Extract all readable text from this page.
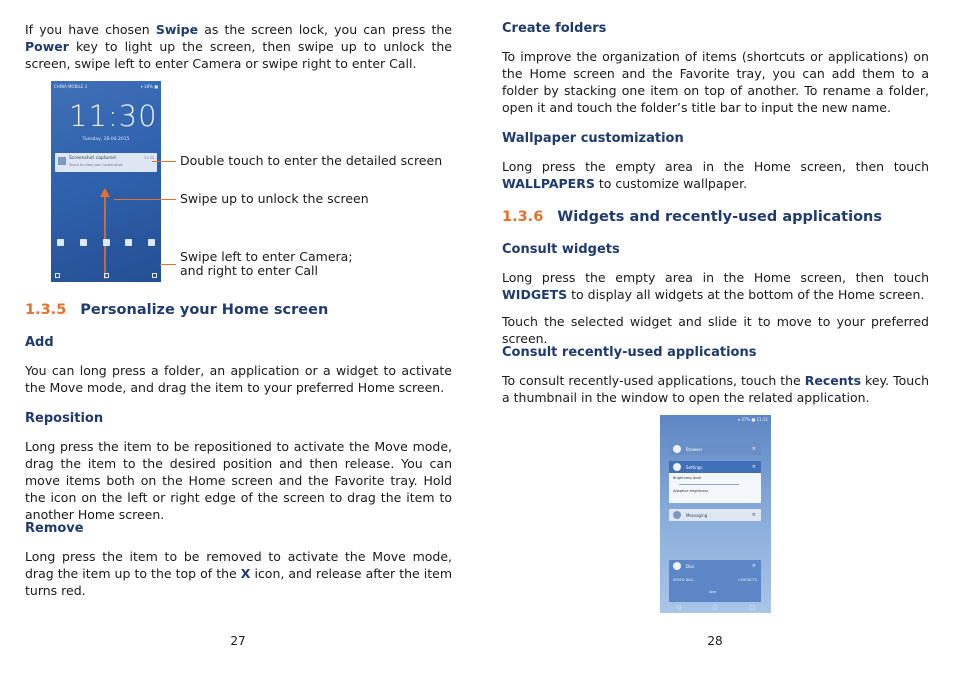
If you have chosen Swipe as the screen lock, you can press the Power key to light up the screen, then swipe up to unlock the screen, swipe left to enter Camera or swipe right to enter Call.

CHINA MOBILE 3	▾ 38% ■
11:30
Tuesday, 28.04.2015
Screenshot captured
Touch to view your screenshot.
11:30 Double touch to enter the detailed screen
Swipe up to unlock the screen
Swipe left to enter Camera;
and right to enter Call
1.3.5 Personalize your Home screen
Add

You can long press a folder, an application or a widget to activate the Move mode, and drag the item to your preferred Home screen.

Reposition

Long press the item to be repositioned to activate the Move mode, drag the item to the desired position and then release. You can move items both on the Home screen and the Favorite tray. Hold the icon on the left or right edge of the screen to drag the item to another Home screen.

Remove

Long press the item to be removed to activate the Move mode, drag the item up to the top of the X icon, and release after the item turns red.

27
Create folders

To improve the organization of items (shortcuts or applications) on the Home screen and the Favorite tray, you can add them to a folder by stacking one item on top of another. To rename a folder, open it and touch the folder’s title bar to input the new name.

Wallpaper customization

Long press the empty area in the Home screen, then touch WALLPAPERS to customize wallpaper.

1.3.6 Widgets and recently-used applications
Consult widgets

Long press the empty area in the Home screen, then touch WIDGETS to display all widgets at the bottom of the Home screen.

Touch the selected widget and slide it to move to your preferred screen.

Consult recently-used applications

To consult recently-used applications, touch the Recents key. Touch a thumbnail in the window to open the related application.

28
▾ 37% ■ 11:31
Browser	×
Settings	×
Brightness level
Adaptive brightness
Messaging	×
Dial	×
SPEED DIAL	CONTACTS
Alex
◁	○	□
